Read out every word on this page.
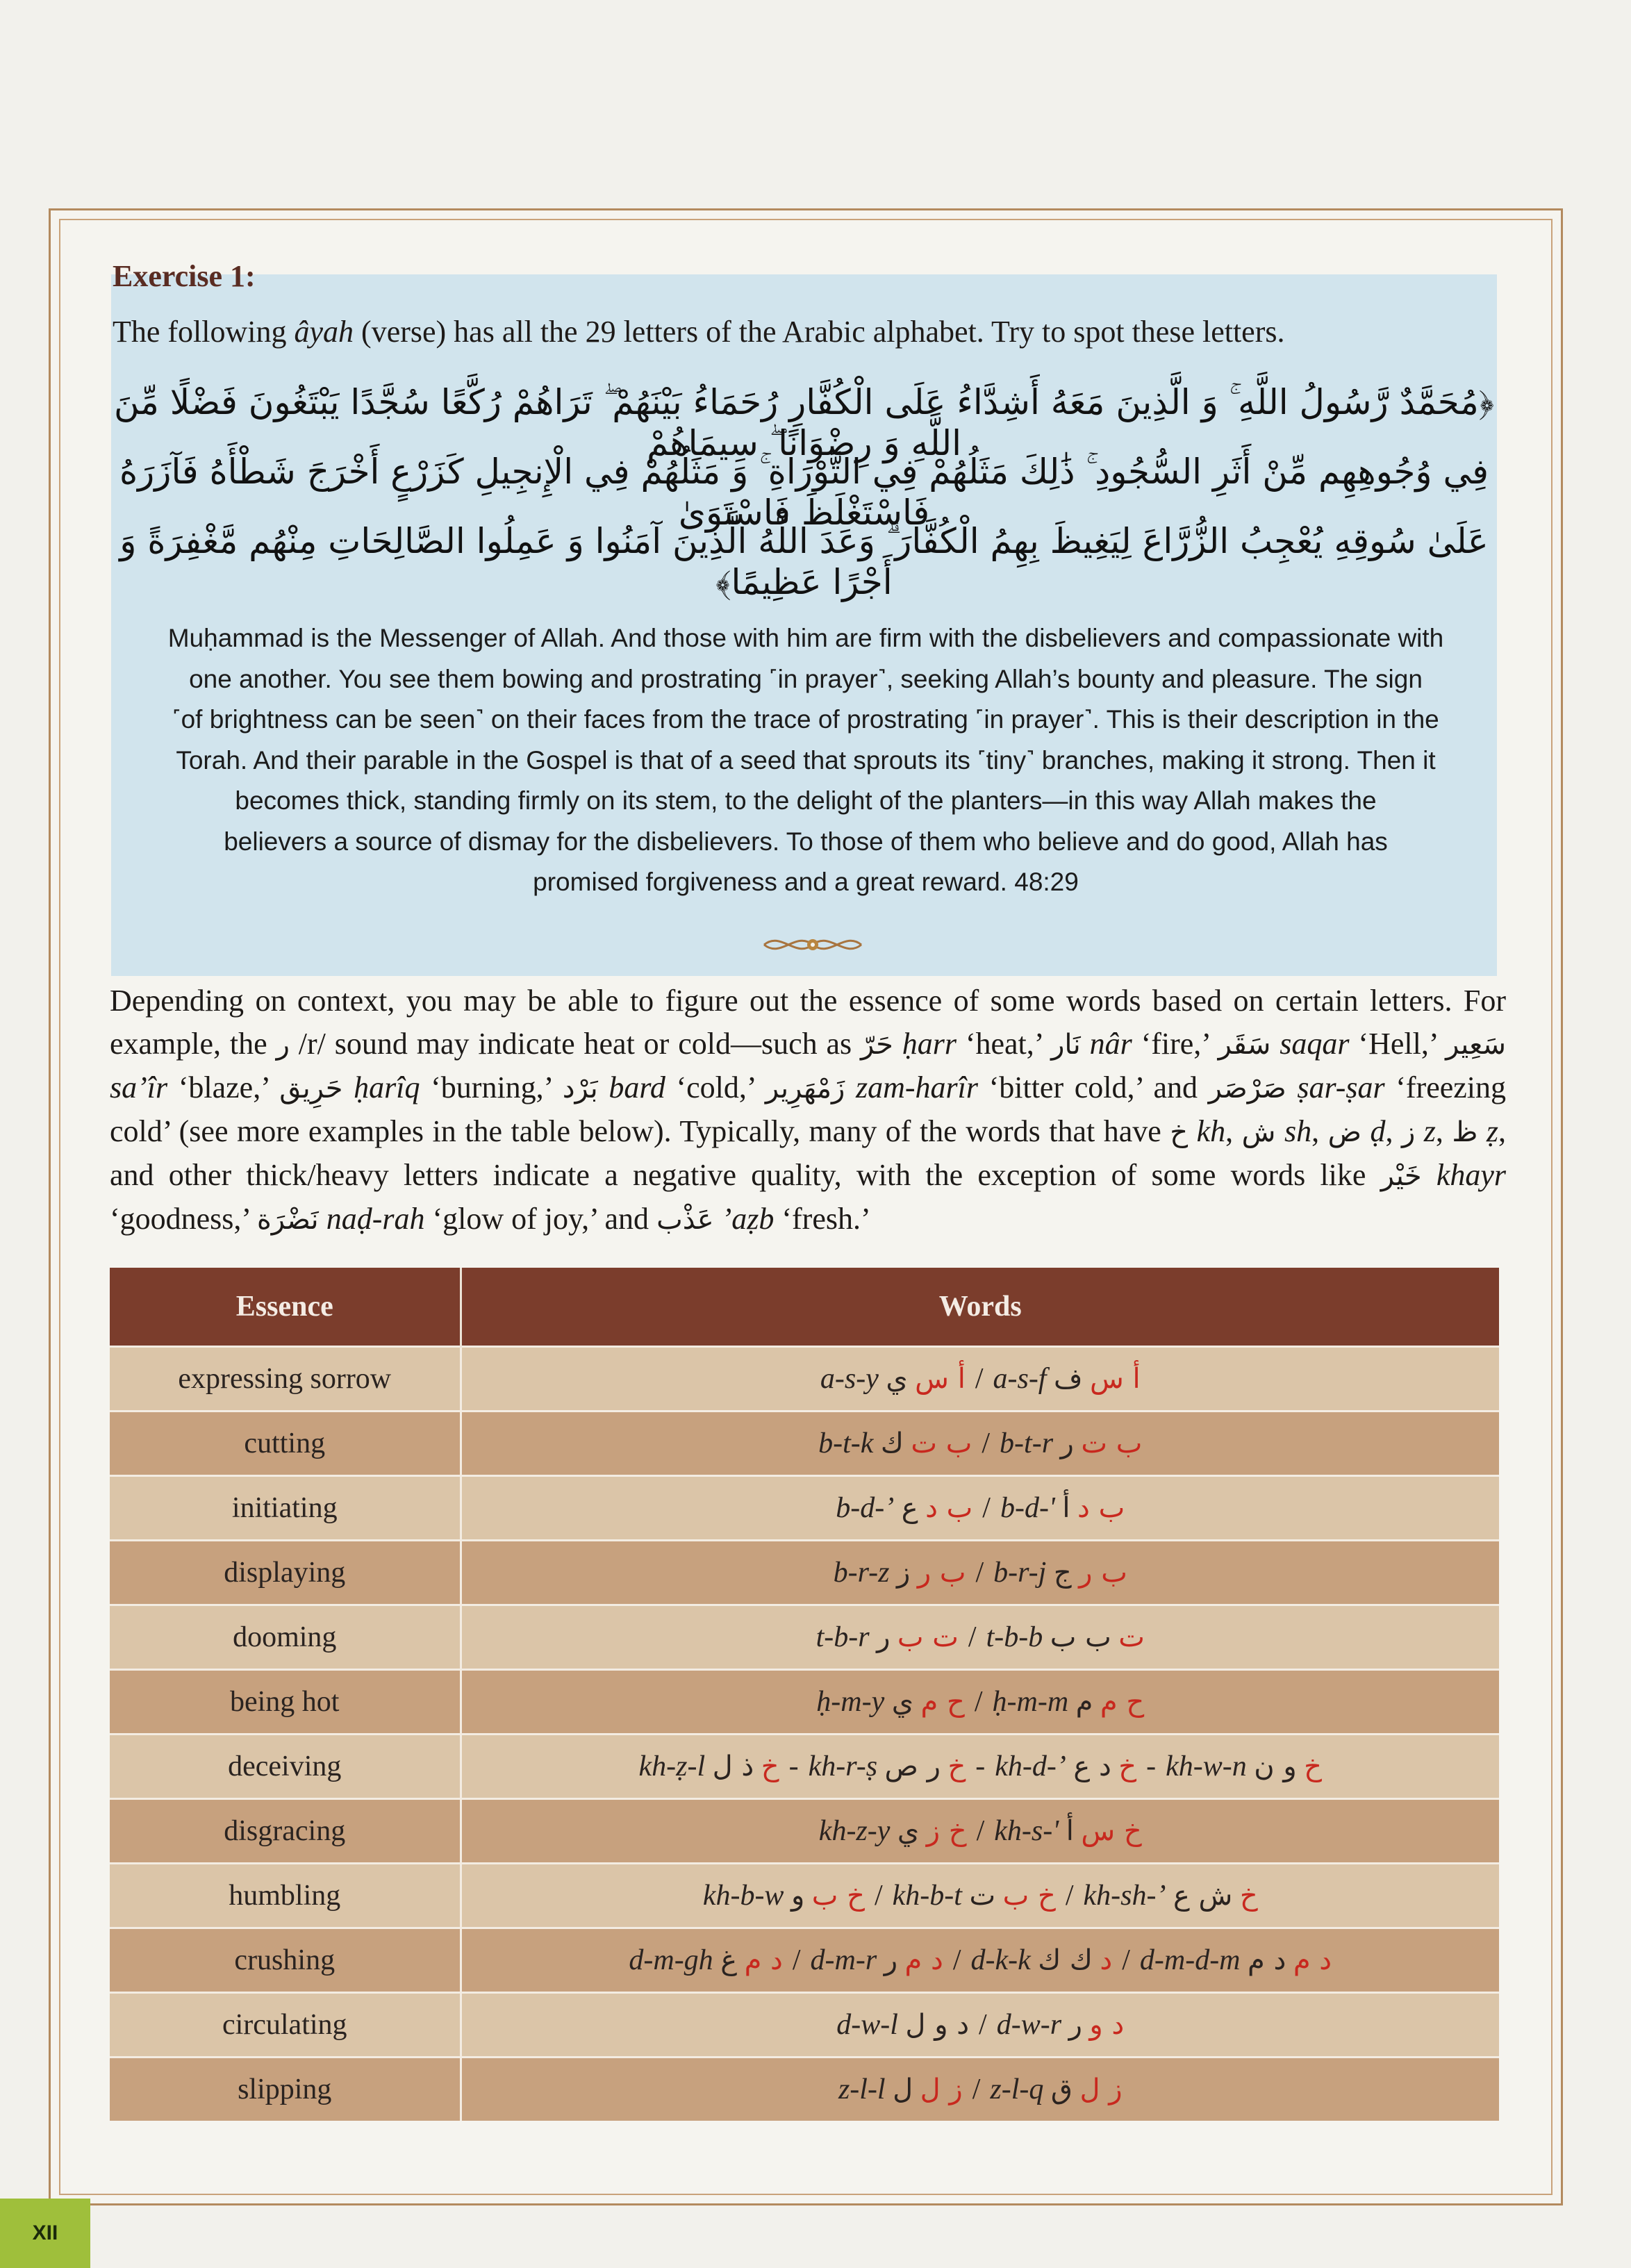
Exercise 1:
The following âyah (verse) has all the 29 letters of the Arabic alphabet. Try to spot these letters.
﴿مُحَمَّدٌ رَّسُولُ اللَّهِ ۚ وَ الَّذِينَ مَعَهُ أَشِدَّاءُ عَلَى الْكُفَّارِ رُحَمَاءُ بَيْنَهُمْ ۖ تَرَاهُمْ رُكَّعًا سُجَّدًا يَبْتَغُونَ فَضْلًا مِّنَ اللَّهِ وَ رِضْوَانًا ۖ سِيمَاهُمْ
فِي وُجُوهِهِم مِّنْ أَثَرِ السُّجُودِ ۚ ذَٰلِكَ مَثَلُهُمْ فِي التَّوْرَاةِ ۚ وَ مَثَلُهُمْ فِي الْإِنجِيلِ كَزَرْعٍ أَخْرَجَ شَطْأَهُ فَآزَرَهُ فَاسْتَغْلَظَ فَاسْتَوَىٰ
عَلَىٰ سُوقِهِ يُعْجِبُ الزُّرَّاعَ لِيَغِيظَ بِهِمُ الْكُفَّارَ ۗ وَعَدَ اللَّهُ الَّذِينَ آمَنُوا وَ عَمِلُوا الصَّالِحَاتِ مِنْهُم مَّغْفِرَةً وَ أَجْرًا عَظِيمًا﴾
Muḥammad is the Messenger of Allah. And those with him are firm with the disbelievers and compassionate with
one another. You see them bowing and prostrating ˹in prayer˺, seeking Allah’s bounty and pleasure. The sign
˹of brightness can be seen˺ on their faces from the trace of prostrating ˹in prayer˺. This is their description in the
Torah. And their parable in the Gospel is that of a seed that sprouts its ˹tiny˺ branches, making it strong. Then it
becomes thick, standing firmly on its stem, to the delight of the planters—in this way Allah makes the
believers a source of dismay for the disbelievers. To those of them who believe and do good, Allah has
promised forgiveness and a great reward. 48:29
Depending on context, you may be able to figure out the essence of some words based on certain letters. For example, the ر /r/ sound may indicate heat or cold—such as حَرّ ḥarr ‘heat,’ نَار nâr ‘fire,’ سَقَر saqar ‘Hell,’ سَعِير sa’îr ‘blaze,’ حَرِيق ḥarîq ‘burning,’ بَرْد bard ‘cold,’ زَمْهَرِير zam-harîr ‘bitter cold,’ and صَرْصَر ṣar-ṣar ‘freezing cold’ (see more examples in the table below). Typically, many of the words that have خ kh, ش sh, ض ḍ, ز z, ظ ẓ, and other thick/heavy letters indicate a negative quality, with the exception of some words like خَيْر khayr ‘goodness,’ نَضْرَة naḍ-rah ‘glow of joy,’ and عَذْب ’aẓb ‘fresh.’
Essence	Words
expressing sorrow	a-s-y أ س ي / a-s-f أ س ف
cutting	b-t-k ب ت ك / b-t-r ب ت ر
initiating	b-d-’ ب د ع / b-d-' ب د أ
displaying	b-r-z ب ر ز / b-r-j ب ر ج
dooming	t-b-r ت ب ر / t-b-b ت ب ب
being hot	ḥ-m-y ح م ي / ḥ-m-m ح م م
deceiving	kh-ẓ-l خ ذ ل - kh-r-ṣ خ ر ص - kh-d-’ خ د ع - kh-w-n خ و ن
disgracing	kh-z-y خ ز ي / kh-s-' خ س أ
humbling	kh-b-w خ ب و / kh-b-t خ ب ت / kh-sh-’ خ ش ع
crushing	d-m-gh د م غ / d-m-r د م ر / d-k-k د ك ك / d-m-d-m د م د م
circulating	d-w-l د و ل / d-w-r د و ر
slipping	z-l-l ز ل ل / z-l-q ز ل ق
XII
